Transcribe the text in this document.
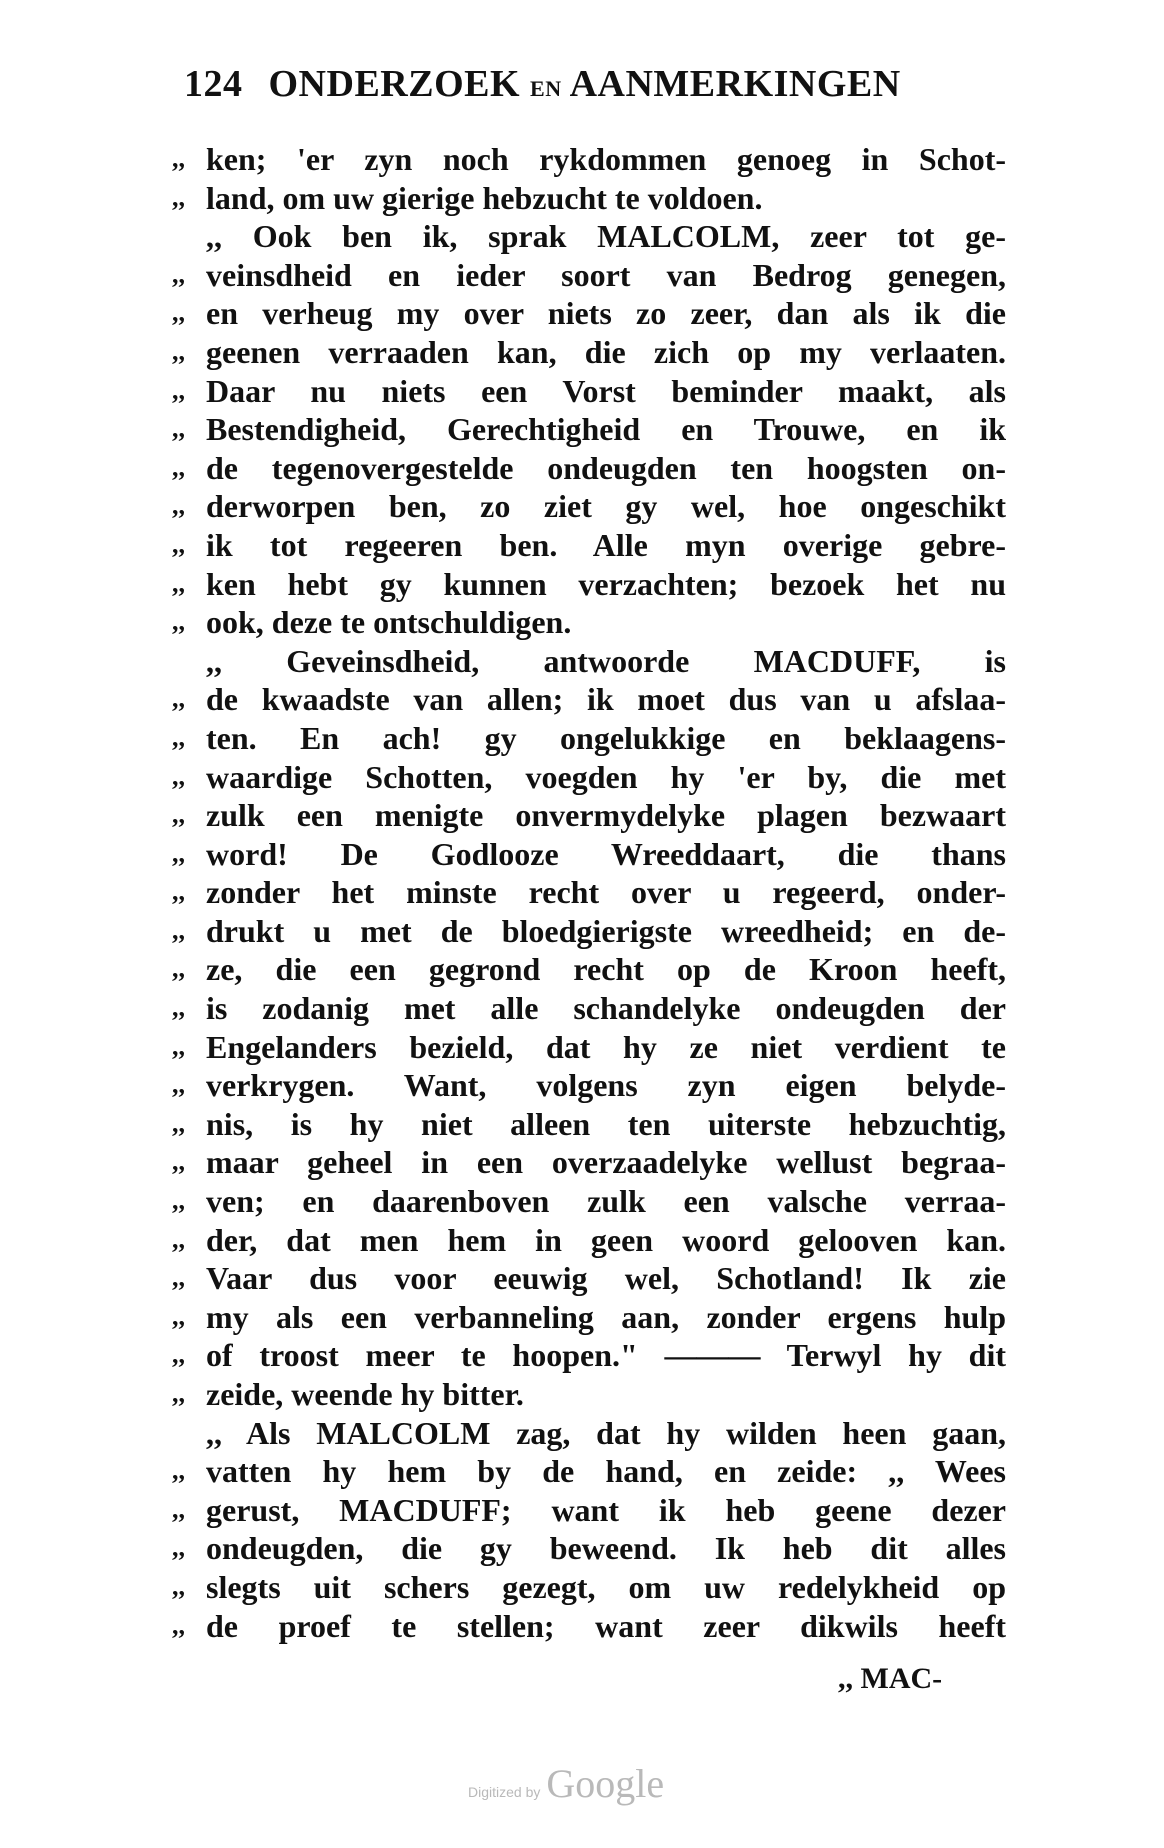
124 ONDERZOEK EN AANMERKINGEN
,, ken; 'er zyn noch rykdommen genoeg in Schot-
,, land, om uw gierige hebzucht te voldoen.
,, Ook ben ik, sprak MALCOLM, zeer tot ge-
,, veinsdheid en ieder soort van Bedrog genegen,
,, en verheug my over niets zo zeer, dan als ik die
,, geenen verraaden kan, die zich op my verlaaten.
,, Daar nu niets een Vorst beminder maakt, als
,, Bestendigheid, Gerechtigheid en Trouwe, en ik
,, de tegenovergestelde ondeugden ten hoogsten on-
,, derworpen ben, zo ziet gy wel, hoe ongeschikt
,, ik tot regeeren ben. Alle myn overige gebre-
,, ken hebt gy kunnen verzachten; bezoek het nu
,, ook, deze te ontschuldigen.
,, Geveinsdheid, antwoorde MACDUFF, is
,, de kwaadste van allen; ik moet dus van u afslaa-
,, ten. En ach! gy ongelukkige en beklaagens-
,, waardige Schotten, voegden hy 'er by, die met
,, zulk een menigte onvermydelyke plagen bezwaart
,, word! De Godlooze Wreeddaart, die thans
,, zonder het minste recht over u regeerd, onder-
,, drukt u met de bloedgierigste wreedheid; en de-
,, ze, die een gegrond recht op de Kroon heeft,
,, is zodanig met alle schandelyke ondeugden der
,, Engelanders bezield, dat hy ze niet verdient te
,, verkrygen. Want, volgens zyn eigen belyde-
,, nis, is hy niet alleen ten uiterste hebzuchtig,
,, maar geheel in een overzaadelyke wellust begraa-
,, ven; en daarenboven zulk een valsche verraa-
,, der, dat men hem in geen woord gelooven kan.
,, Vaar dus voor eeuwig wel, Schotland! Ik zie
,, my als een verbanneling aan, zonder ergens hulp
,, of troost meer te hoopen." ——— Terwyl hy dit
,, zeide, weende hy bitter.
,, Als MALCOLM zag, dat hy wilden heen gaan,
,, vatten hy hem by de hand, en zeide: ,, Wees
,, gerust, MACDUFF; want ik heb geene dezer
,, ondeugden, die gy beweend. Ik heb dit alles
,, slegts uit schers gezegt, om uw redelykheid op
,, de proef te stellen; want zeer dikwils heeft
,, MAC-
Digitized by Google
